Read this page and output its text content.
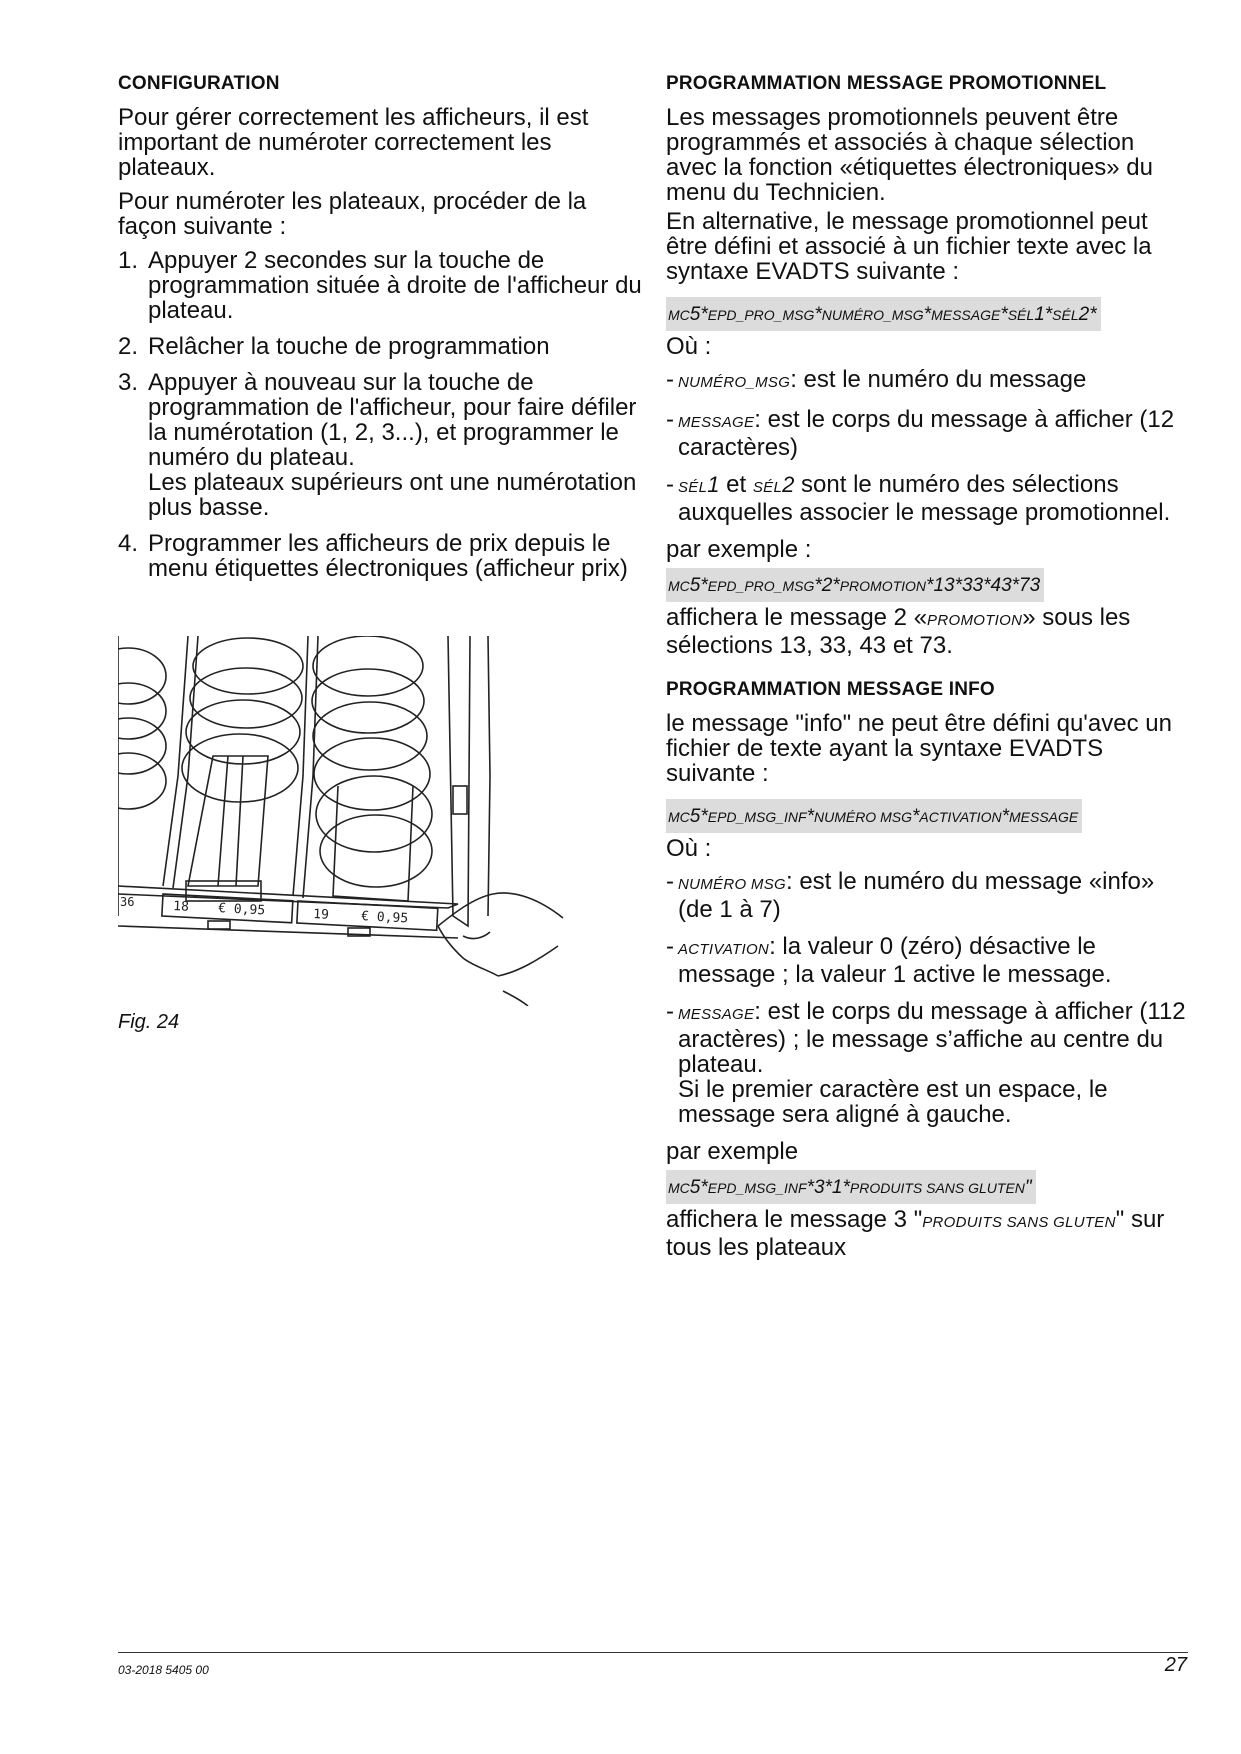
CONFIGURATION

Pour gérer correctement les afficheurs, il est important de numéroter correctement les plateaux.

Pour numéroter les plateaux, procéder de la façon suivante :

1. Appuyer 2 secondes sur la touche de programmation située à droite de l'afficheur du plateau.
2. Relâcher la touche de programmation
3. Appuyer à nouveau sur la touche de programmation de l'afficheur, pour faire défiler la numérotation (1, 2, 3...), et programmer le numéro du plateau.
Les plateaux supérieurs ont une numérotation plus basse.
4. Programmer les afficheurs de prix depuis le menu étiquettes électroniques (afficheur prix)
36	18 € 0,95	19 € 0,95
Fig. 24
PROGRAMMATION MESSAGE PROMOTIONNEL

Les messages promotionnels peuvent être programmés et associés à chaque sélection avec la fonction «étiquettes électroniques» du menu du Technicien.

En alternative, le message promotionnel peut être défini et associé à un fichier texte avec la syntaxe EVADTS suivante :

MC5*EPD_PRO_MSG*NUMÉRO_MSG*MESSAGE*SÉL1*SÉL2*

Où :

- NUMÉRO_MSG: est le numéro du message
- MESSAGE: est le corps du message à afficher (12 caractères)
- SÉL1 et SÉL2 sont le numéro des sélections auxquelles associer le message promotionnel.

par exemple :

MC5*EPD_PRO_MSG*2*PROMOTION*13*33*43*73

affichera le message 2 «PROMOTION» sous les sélections 13, 33, 43 et 73.

PROGRAMMATION MESSAGE INFO

le message "info" ne peut être défini qu'avec un fichier de texte ayant la syntaxe EVADTS suivante :

MC5*EPD_MSG_INF*NUMÉRO MSG*ACTIVATION*MESSAGE

Où :

- NUMÉRO MSG: est le numéro du message «info» (de 1 à 7)
- ACTIVATION: la valeur 0 (zéro) désactive le message ; la valeur 1 active le message.
- MESSAGE: est le corps du message à afficher (112 aractères) ; le message s’affiche au centre du plateau.
Si le premier caractère est un espace, le message sera aligné à gauche.

par exemple

MC5*EPD_MSG_INF*3*1*PRODUITS SANS GLUTEN"

affichera le message 3 "PRODUITS SANS GLUTEN" sur tous les plateaux

03-2018 5405 00	27
